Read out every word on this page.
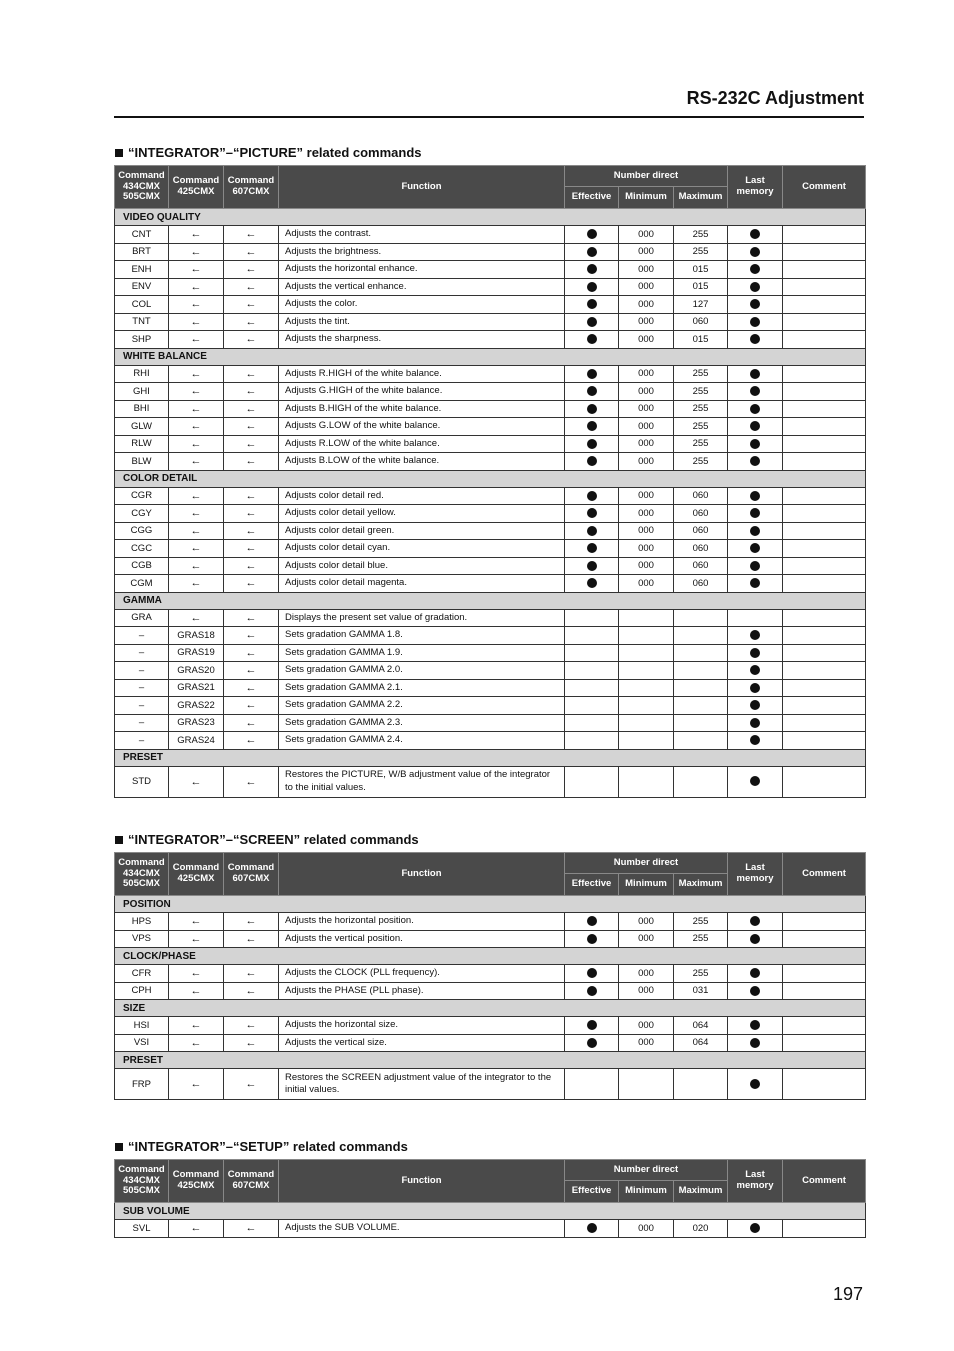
RS-232C Adjustment
“INTEGRATOR”–“PICTURE” related commands
Command 434CMX 505CMX	Command 425CMX	Command 607CMX	Function	Number direct			Last memory	Comment
				Effective	Minimum	Maximum		
VIDEO QUALITY								
CNT	←	←	Adjusts the contrast.		000	255		
BRT	←	←	Adjusts the brightness.		000	255		
ENH	←	←	Adjusts the horizontal enhance.		000	015		
ENV	←	←	Adjusts the vertical enhance.		000	015		
COL	←	←	Adjusts the color.		000	127		
TNT	←	←	Adjusts the tint.		000	060		
SHP	←	←	Adjusts the sharpness.		000	015		
WHITE BALANCE								
RHI	←	←	Adjusts R.HIGH of the white balance.		000	255		
GHI	←	←	Adjusts G.HIGH of the white balance.		000	255		
BHI	←	←	Adjusts B.HIGH of the white balance.		000	255		
GLW	←	←	Adjusts G.LOW of the white balance.		000	255		
RLW	←	←	Adjusts R.LOW of the white balance.		000	255		
BLW	←	←	Adjusts B.LOW of the white balance.		000	255		
COLOR DETAIL								
CGR	←	←	Adjusts color detail red.		000	060		
CGY	←	←	Adjusts color detail yellow.		000	060		
CGG	←	←	Adjusts color detail green.		000	060		
CGC	←	←	Adjusts color detail cyan.		000	060		
CGB	←	←	Adjusts color detail blue.		000	060		
CGM	←	←	Adjusts color detail magenta.		000	060		
GAMMA								
GRA	←	←	Displays the present set value of gradation.					
–	GRAS18	←	Sets gradation GAMMA 1.8.					
–	GRAS19	←	Sets gradation GAMMA 1.9.					
–	GRAS20	←	Sets gradation GAMMA 2.0.					
–	GRAS21	←	Sets gradation GAMMA 2.1.					
–	GRAS22	←	Sets gradation GAMMA 2.2.					
–	GRAS23	←	Sets gradation GAMMA 2.3.					
–	GRAS24	←	Sets gradation GAMMA 2.4.					
PRESET								
STD	←	←	Restores the PICTURE, W/B adjustment value of the integrator to the initial values.					
“INTEGRATOR”–“SCREEN” related commands
Command 434CMX 505CMX	Command 425CMX	Command 607CMX	Function	Number direct			Last memory	Comment
				Effective	Minimum	Maximum		
POSITION								
HPS	←	←	Adjusts the horizontal position.		000	255		
VPS	←	←	Adjusts the vertical position.		000	255		
CLOCK/PHASE								
CFR	←	←	Adjusts the CLOCK (PLL frequency).		000	255		
CPH	←	←	Adjusts the PHASE (PLL phase).		000	031		
SIZE								
HSI	←	←	Adjusts the horizontal size.		000	064		
VSI	←	←	Adjusts the vertical size.		000	064		
PRESET								
FRP	←	←	Restores the SCREEN adjustment value of the integrator to the initial values.					
“INTEGRATOR”–“SETUP” related commands
Command 434CMX 505CMX	Command 425CMX	Command 607CMX	Function	Number direct			Last memory	Comment
				Effective	Minimum	Maximum		
SUB VOLUME								
SVL	←	←	Adjusts the SUB VOLUME.		000	020		
197
